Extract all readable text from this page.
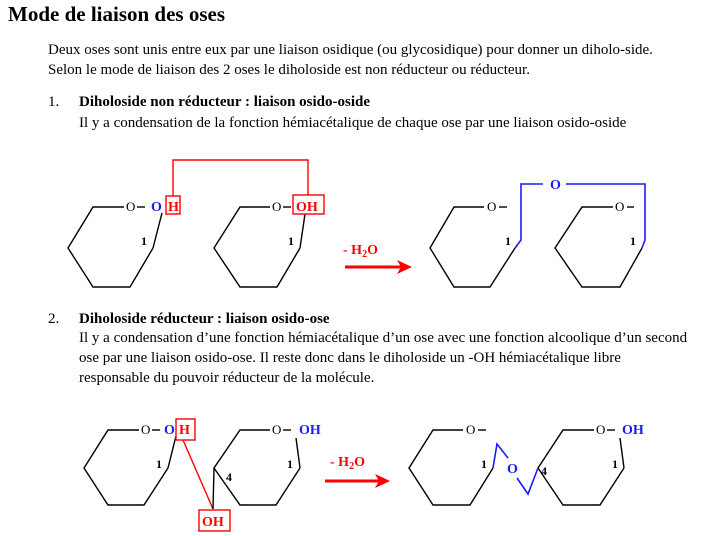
Mode de liaison des oses

Deux oses sont unis entre eux par une liaison osidique (ou glycosidique) pour donner un diholo-side. Selon le mode de liaison des 2 oses le diholoside est non réducteur ou réducteur.

1. Diholoside non réducteur : liaison osido-oside

Il y a condensation de la fonction hémiacétalique de chaque ose par une liaison osido-oside

O
1
O H	O
1
OH
- $H_2O$
O
1
O
1
O
2. Diholoside réducteur : liaison osido-ose

Il y a condensation d’une fonction hémiacétalique d’un ose avec une fonction alcoolique d’un second ose par une liaison osido-ose. Il reste donc dans le diholoside un -OH hémiacétalique libre responsable du pouvoir réducteur de la molécule.

O
1
O H	O
1
4
OH
OH
- $H_2O$
O
1
O
1
4
OH
O
